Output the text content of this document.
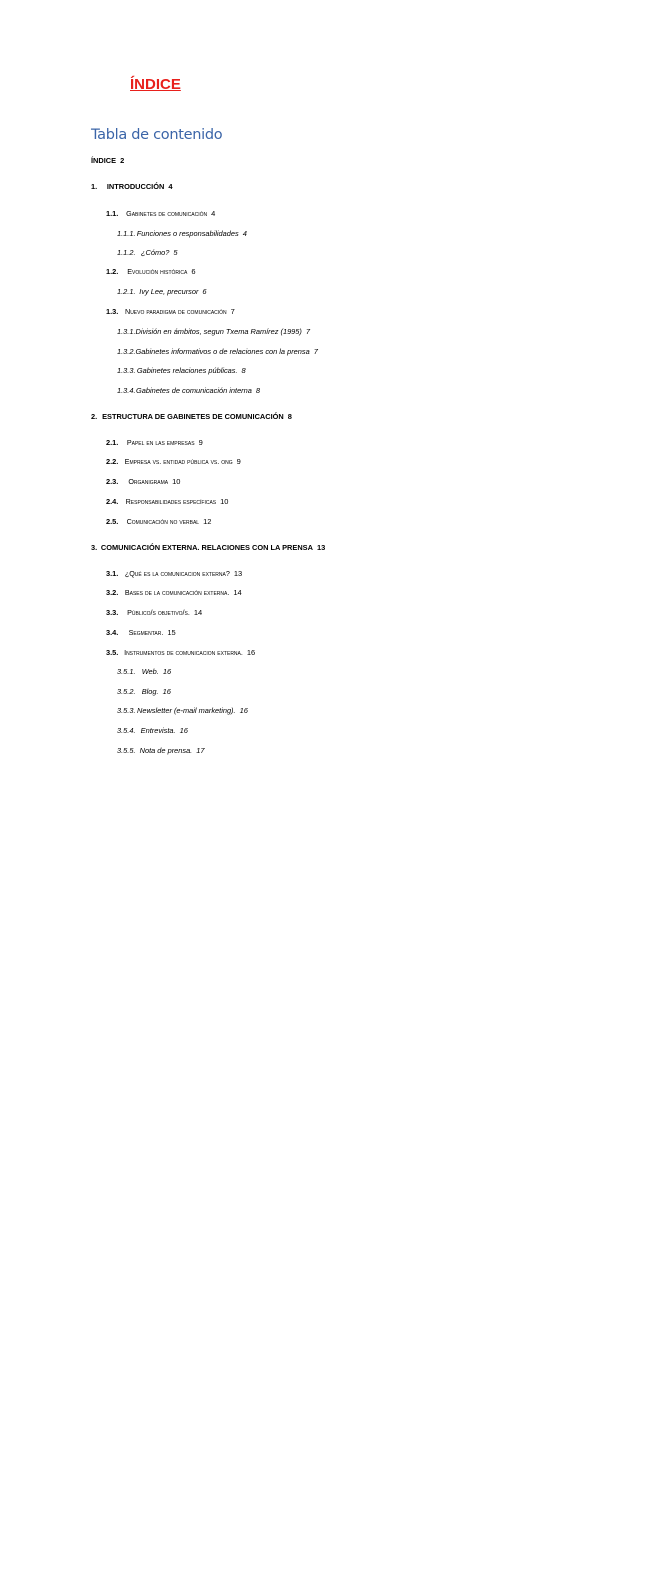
ÍNDICE
Tabla de contenido
ÍNDICE 2
1.	INTRODUCCIÓN 4
1.1.	Gabinetes de comunicación 4
1.1.1. Funciones o responsabilidades 4
1.1.2. ¿Cómo? 5
1.2.	Evolución histórica 6
1.2.1. Ivy Lee, precursor 6
1.3. Nuevo paradigma de comunicación 7
1.3.1. División en ámbitos, segun Txema Ramírez (1995) 7
1.3.2. Gabinetes informativos o de relaciones con la prensa 7
1.3.3. Gabinetes relaciones públicas. 8
1.3.4. Gabinetes de comunicación interna 8
2. ESTRUCTURA DE GABINETES DE COMUNICACIÓN 8
2.1.	Papel en las empresas 9
2.2. Empresa vs. entidad pública vs. ong 9
2.3.	Organigrama 10
2.4.	Responsabilidades específicas 10
2.5.	Comunicación no verbal 12
3. COMUNICACIÓN EXTERNA. RELACIONES CON LA PRENSA 13
3.1. ¿Qué es la comunicacion externa? 13
3.2. Bases de la comunicación externa. 14
3.3.	Público/s objetivo/s. 14
3.4.	Segmentar. 15
3.5. Instrumentos de comunicacion externa. 16
3.5.1. Web. 16
3.5.2. Blog. 16
3.5.3. Newsletter (e-mail marketing). 16
3.5.4. Entrevista. 16
3.5.5. Nota de prensa. 17
